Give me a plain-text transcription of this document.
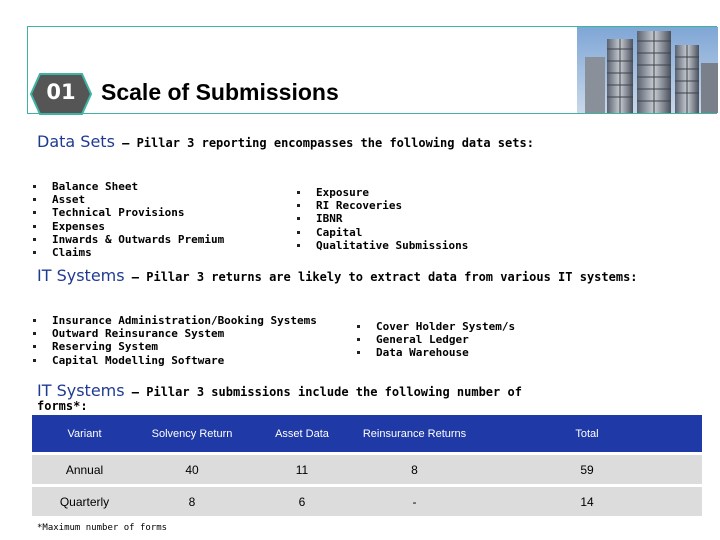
01	Scale of Submissions
Data Sets – Pillar 3 reporting encompasses the following data sets:
Balance Sheet
Asset
Technical Provisions
Expenses
Inwards & Outwards Premium
Claims
Exposure
RI Recoveries
IBNR
Capital
Qualitative Submissions
IT Systems – Pillar 3 returns are likely to extract data from various IT systems:
Insurance Administration/Booking Systems
Outward Reinsurance System
Reserving System
Capital Modelling Software
Cover Holder System/s
General Ledger
Data Warehouse
IT Systems – Pillar 3 submissions include the following number of
forms*:
Variant	Solvency Return	Asset Data	Reinsurance Returns	Total

Annual	40	11	8	59

Quarterly	8	6	-	14
*Maximum number of forms
